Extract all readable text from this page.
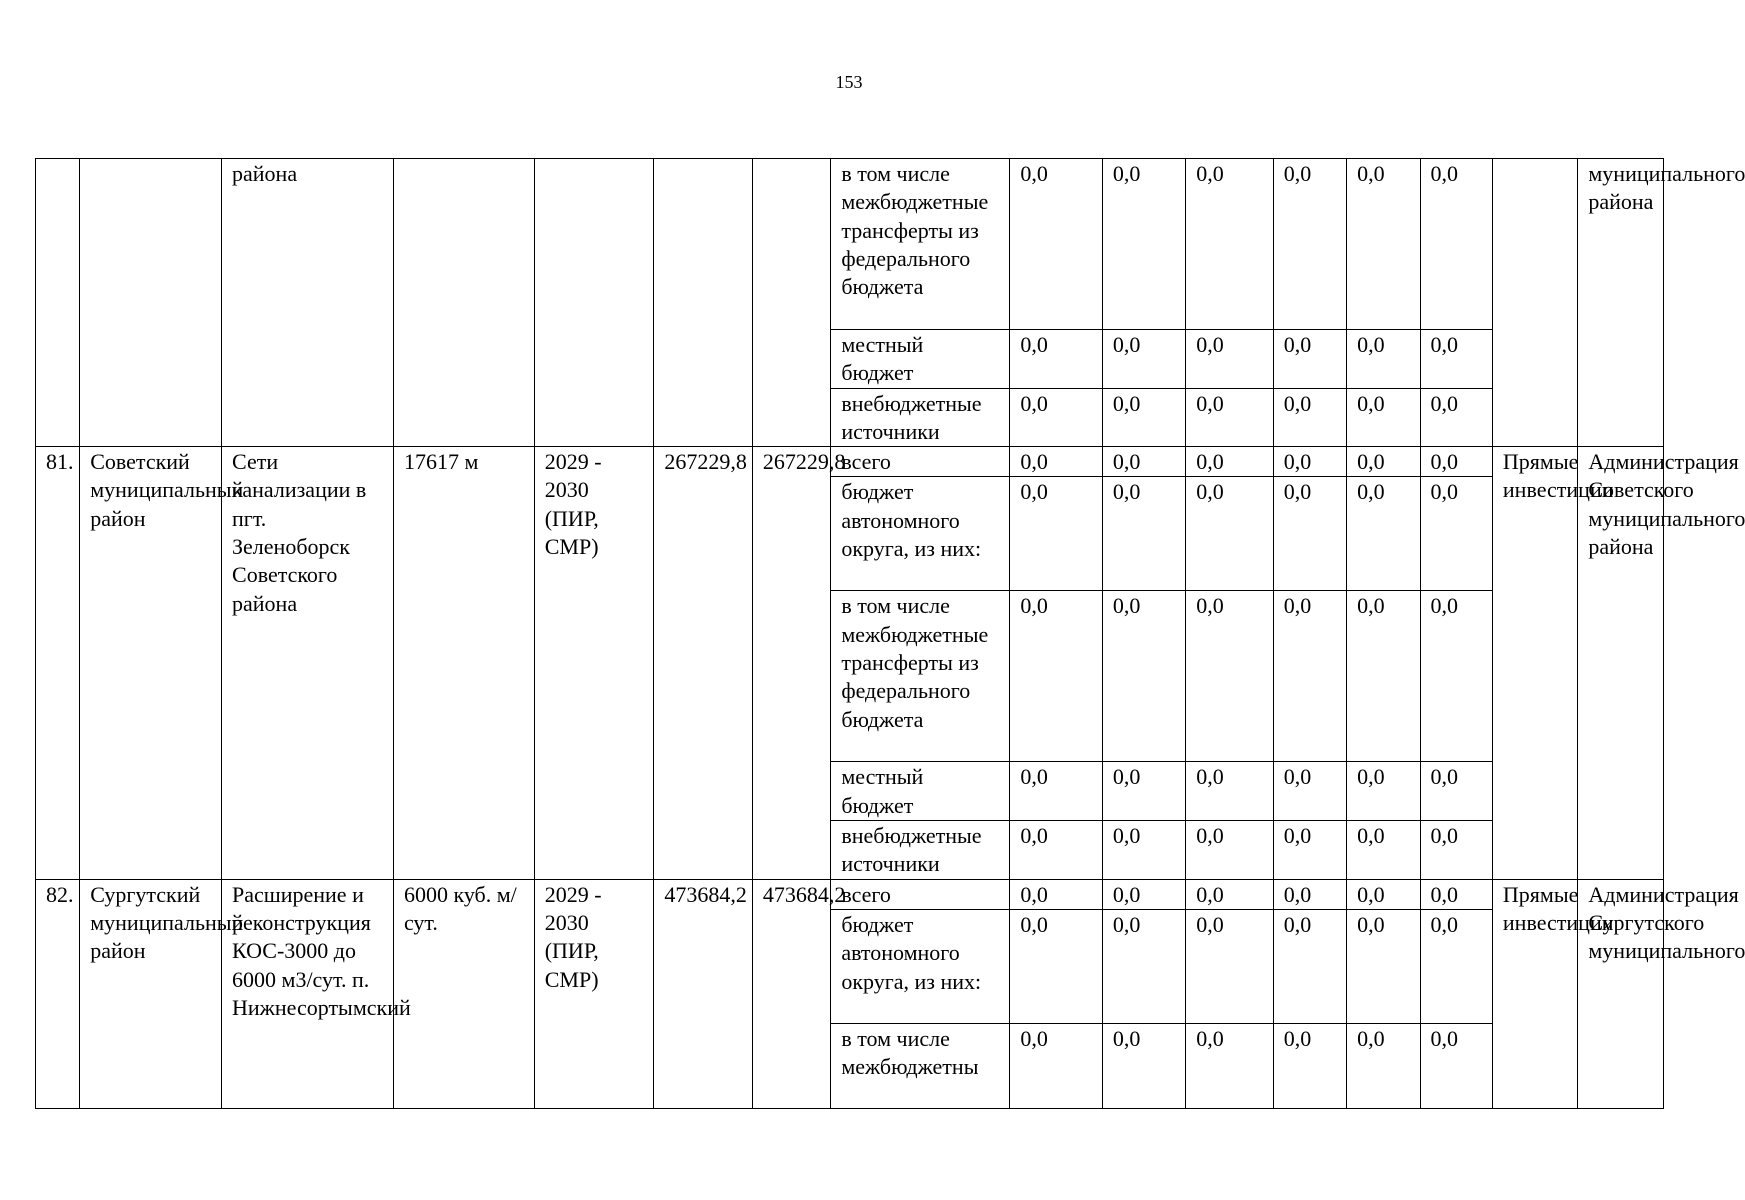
153
		района					в том числе межбюджетные трансферты из федерального бюджета	0,0	0,0	0,0	0,0	0,0	0,0		муниципального района
							местный бюджет	0,0	0,0	0,0	0,0	0,0	0,0		
							внебюджетные источники	0,0	0,0	0,0	0,0	0,0	0,0		
81.	Советский муниципальный район	Сети канализации в пгт. Зеленоборск Советского района	17617 м	2029 - 2030 (ПИР, СМР)	267229,8	267229,8	всего	0,0	0,0	0,0	0,0	0,0	0,0	Прямые инвестиции	Администрация Советского муниципального района
							бюджет автономного округа, из них:	0,0	0,0	0,0	0,0	0,0	0,0		
							в том числе межбюджетные трансферты из федерального бюджета	0,0	0,0	0,0	0,0	0,0	0,0		
							местный бюджет	0,0	0,0	0,0	0,0	0,0	0,0		
							внебюджетные источники	0,0	0,0	0,0	0,0	0,0	0,0		
82.	Сургутский муниципальный район	Расширение и реконструкция КОС-3000 до 6000 м3/сут. п. Нижнесортымский	6000 куб. м/сут.	2029 - 2030 (ПИР, СМР)	473684,2	473684,2	всего	0,0	0,0	0,0	0,0	0,0	0,0	Прямые инвестиции	Администрация Сургутского муниципального
							бюджет автономного округа, из них:	0,0	0,0	0,0	0,0	0,0	0,0		
							в том числе межбюджетны	0,0	0,0	0,0	0,0	0,0	0,0		
